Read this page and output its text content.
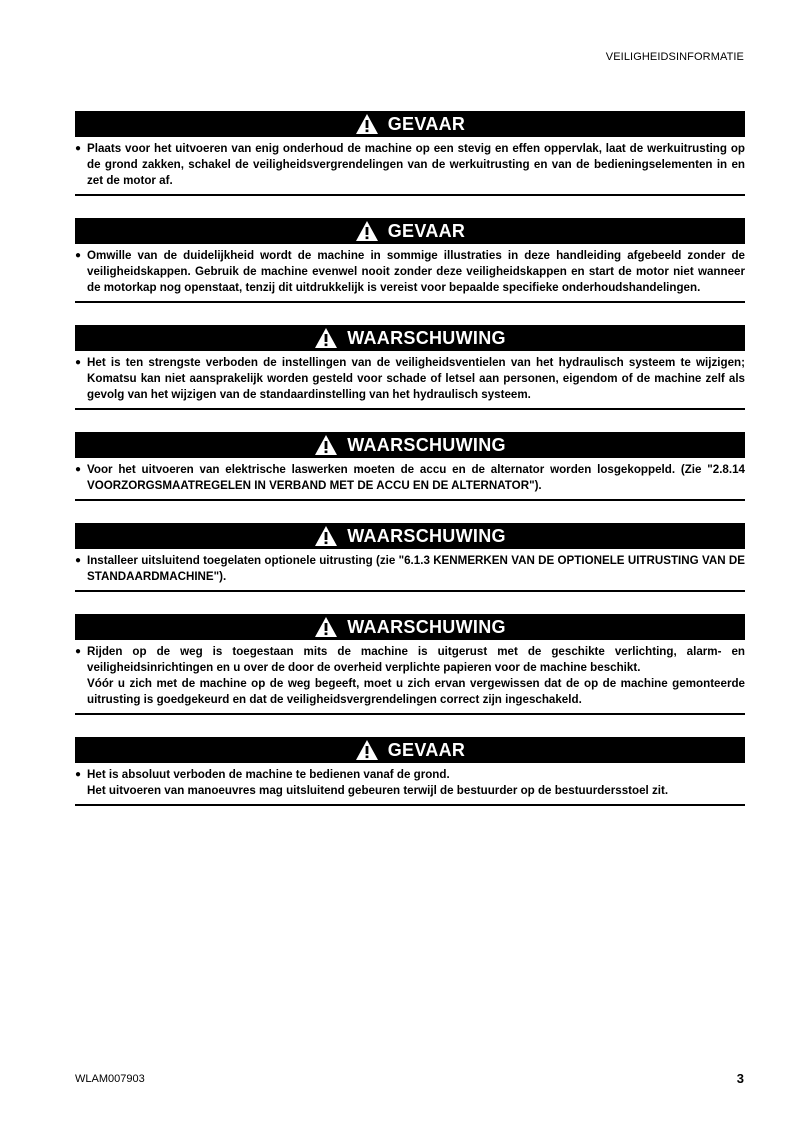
VEILIGHEIDSINFORMATIE
GEVAAR
● Plaats voor het uitvoeren van enig onderhoud de machine op een stevig en effen oppervlak, laat de werkuitrusting op de grond zakken, schakel de veiligheidsvergrendelingen van de werkuitrusting en van de bedieningselementen in en zet de motor af.
GEVAAR
● Omwille van de duidelijkheid wordt de machine in sommige illustraties in deze handleiding afgebeeld zonder de veiligheidskappen. Gebruik de machine evenwel nooit zonder deze veiligheidskappen en start de motor niet wanneer de motorkap nog openstaat, tenzij dit uitdrukkelijk is vereist voor bepaalde specifieke onderhoudshandelingen.
WAARSCHUWING
● Het is ten strengste verboden de instellingen van de veiligheidsventielen van het hydraulisch systeem te wijzigen; Komatsu kan niet aansprakelijk worden gesteld voor schade of letsel aan personen, eigendom of de machine zelf als gevolg van het wijzigen van de standaardinstelling van het hydraulisch systeem.
WAARSCHUWING
● Voor het uitvoeren van elektrische laswerken moeten de accu en de alternator worden losgekoppeld. (Zie "2.8.14 VOORZORGSMAATREGELEN IN VERBAND MET DE ACCU EN DE ALTERNATOR").
WAARSCHUWING
● Installeer uitsluitend toegelaten optionele uitrusting (zie "6.1.3 KENMERKEN VAN DE OPTIONELE UITRUSTING VAN DE STANDAARDMACHINE").
WAARSCHUWING
● Rijden op de weg is toegestaan mits de machine is uitgerust met de geschikte verlichting, alarm- en veiligheidsinrichtingen en u over de door de overheid verplichte papieren voor de machine beschikt.
Vóór u zich met de machine op de weg begeeft, moet u zich ervan vergewissen dat de op de machine gemonteerde uitrusting is goedgekeurd en dat de veiligheidsvergrendelingen correct zijn ingeschakeld.
GEVAAR
● Het is absoluut verboden de machine te bedienen vanaf de grond.
Het uitvoeren van manoeuvres mag uitsluitend gebeuren terwijl de bestuurder op de bestuurdersstoel zit.
WLAM007903	3
